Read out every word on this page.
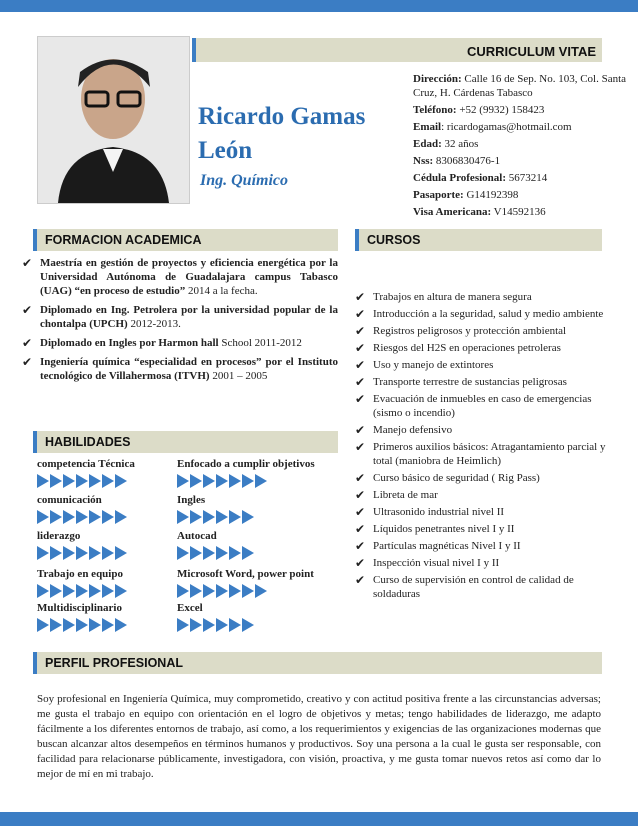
CURRICULUM VITAE
Ricardo Gamas León
Ing. Químico
Dirección: Calle 16 de Sep. No. 103, Col. Santa Cruz, H. Cárdenas Tabasco
Teléfono: +52 (9932) 158423
Email: ricardogamas@hotmail.com
Edad: 32 años
Nss: 8306830476-1
Cédula Profesional: 5673214
Pasaporte: G14192398
Visa Americana: V14592136
FORMACION ACADEMICA	CURSOS
HABILIDADES
PERFIL PROFESIONAL
✔ Maestría en gestión de proyectos y eficiencia energética por la Universidad Autónoma de Guadalajara campus Tabasco (UAG) “en proceso de estudio” 2014 a la fecha.
✔ Diplomado en Ing. Petrolera por la universidad popular de la chontalpa (UPCH) 2012-2013.
✔ Diplomado en Ingles por Harmon hall School 2011-2012
✔ Ingeniería química “especialidad en procesos” por el Instituto tecnológico de Villahermosa (ITVH) 2001 – 2005
competencia Técnica	Enfocado a cumplir objetivos
comunicación	Ingles
liderazgo	Autocad
Trabajo en equipo	Microsoft Word, power point
Multidisciplinario	Excel
✔ Trabajos en altura de manera segura
✔ Introducción a la seguridad, salud y medio ambiente
✔ Registros peligrosos y protección ambiental
✔ Riesgos del H2S en operaciones petroleras
✔ Uso y manejo de extintores
✔ Transporte terrestre de sustancias peligrosas
✔ Evacuación de inmuebles en caso de emergencias (sismo o incendio)
✔ Manejo defensivo
✔ Primeros auxilios básicos: Atragantamiento parcial y total (maniobra de Heimlich)
✔ Curso básico de seguridad ( Rig Pass)
✔ Libreta de mar
✔ Ultrasonido industrial nivel II
✔ Líquidos penetrantes nivel I y II
✔ Partículas magnéticas Nivel I y II
✔ Inspección visual nivel I y II
✔ Curso de supervisión en control de calidad de soldaduras
Soy profesional en Ingeniería Química, muy comprometido, creativo y con actitud positiva frente a las circunstancias adversas; me gusta el trabajo en equipo con orientación en el logro de objetivos y metas; tengo habilidades de liderazgo, me adapto fácilmente a los diferentes entornos de trabajo, así como, a los requerimientos y exigencias de las organizaciones modernas que buscan alcanzar altos desempeños en términos humanos y productivos. Soy una persona a la cual le gusta ser responsable, con facilidad para relacionarse públicamente, investigadora, con visión, proactiva, y me gusta tomar nuevos retos así como dar lo mejor de mí en mi trabajo.
